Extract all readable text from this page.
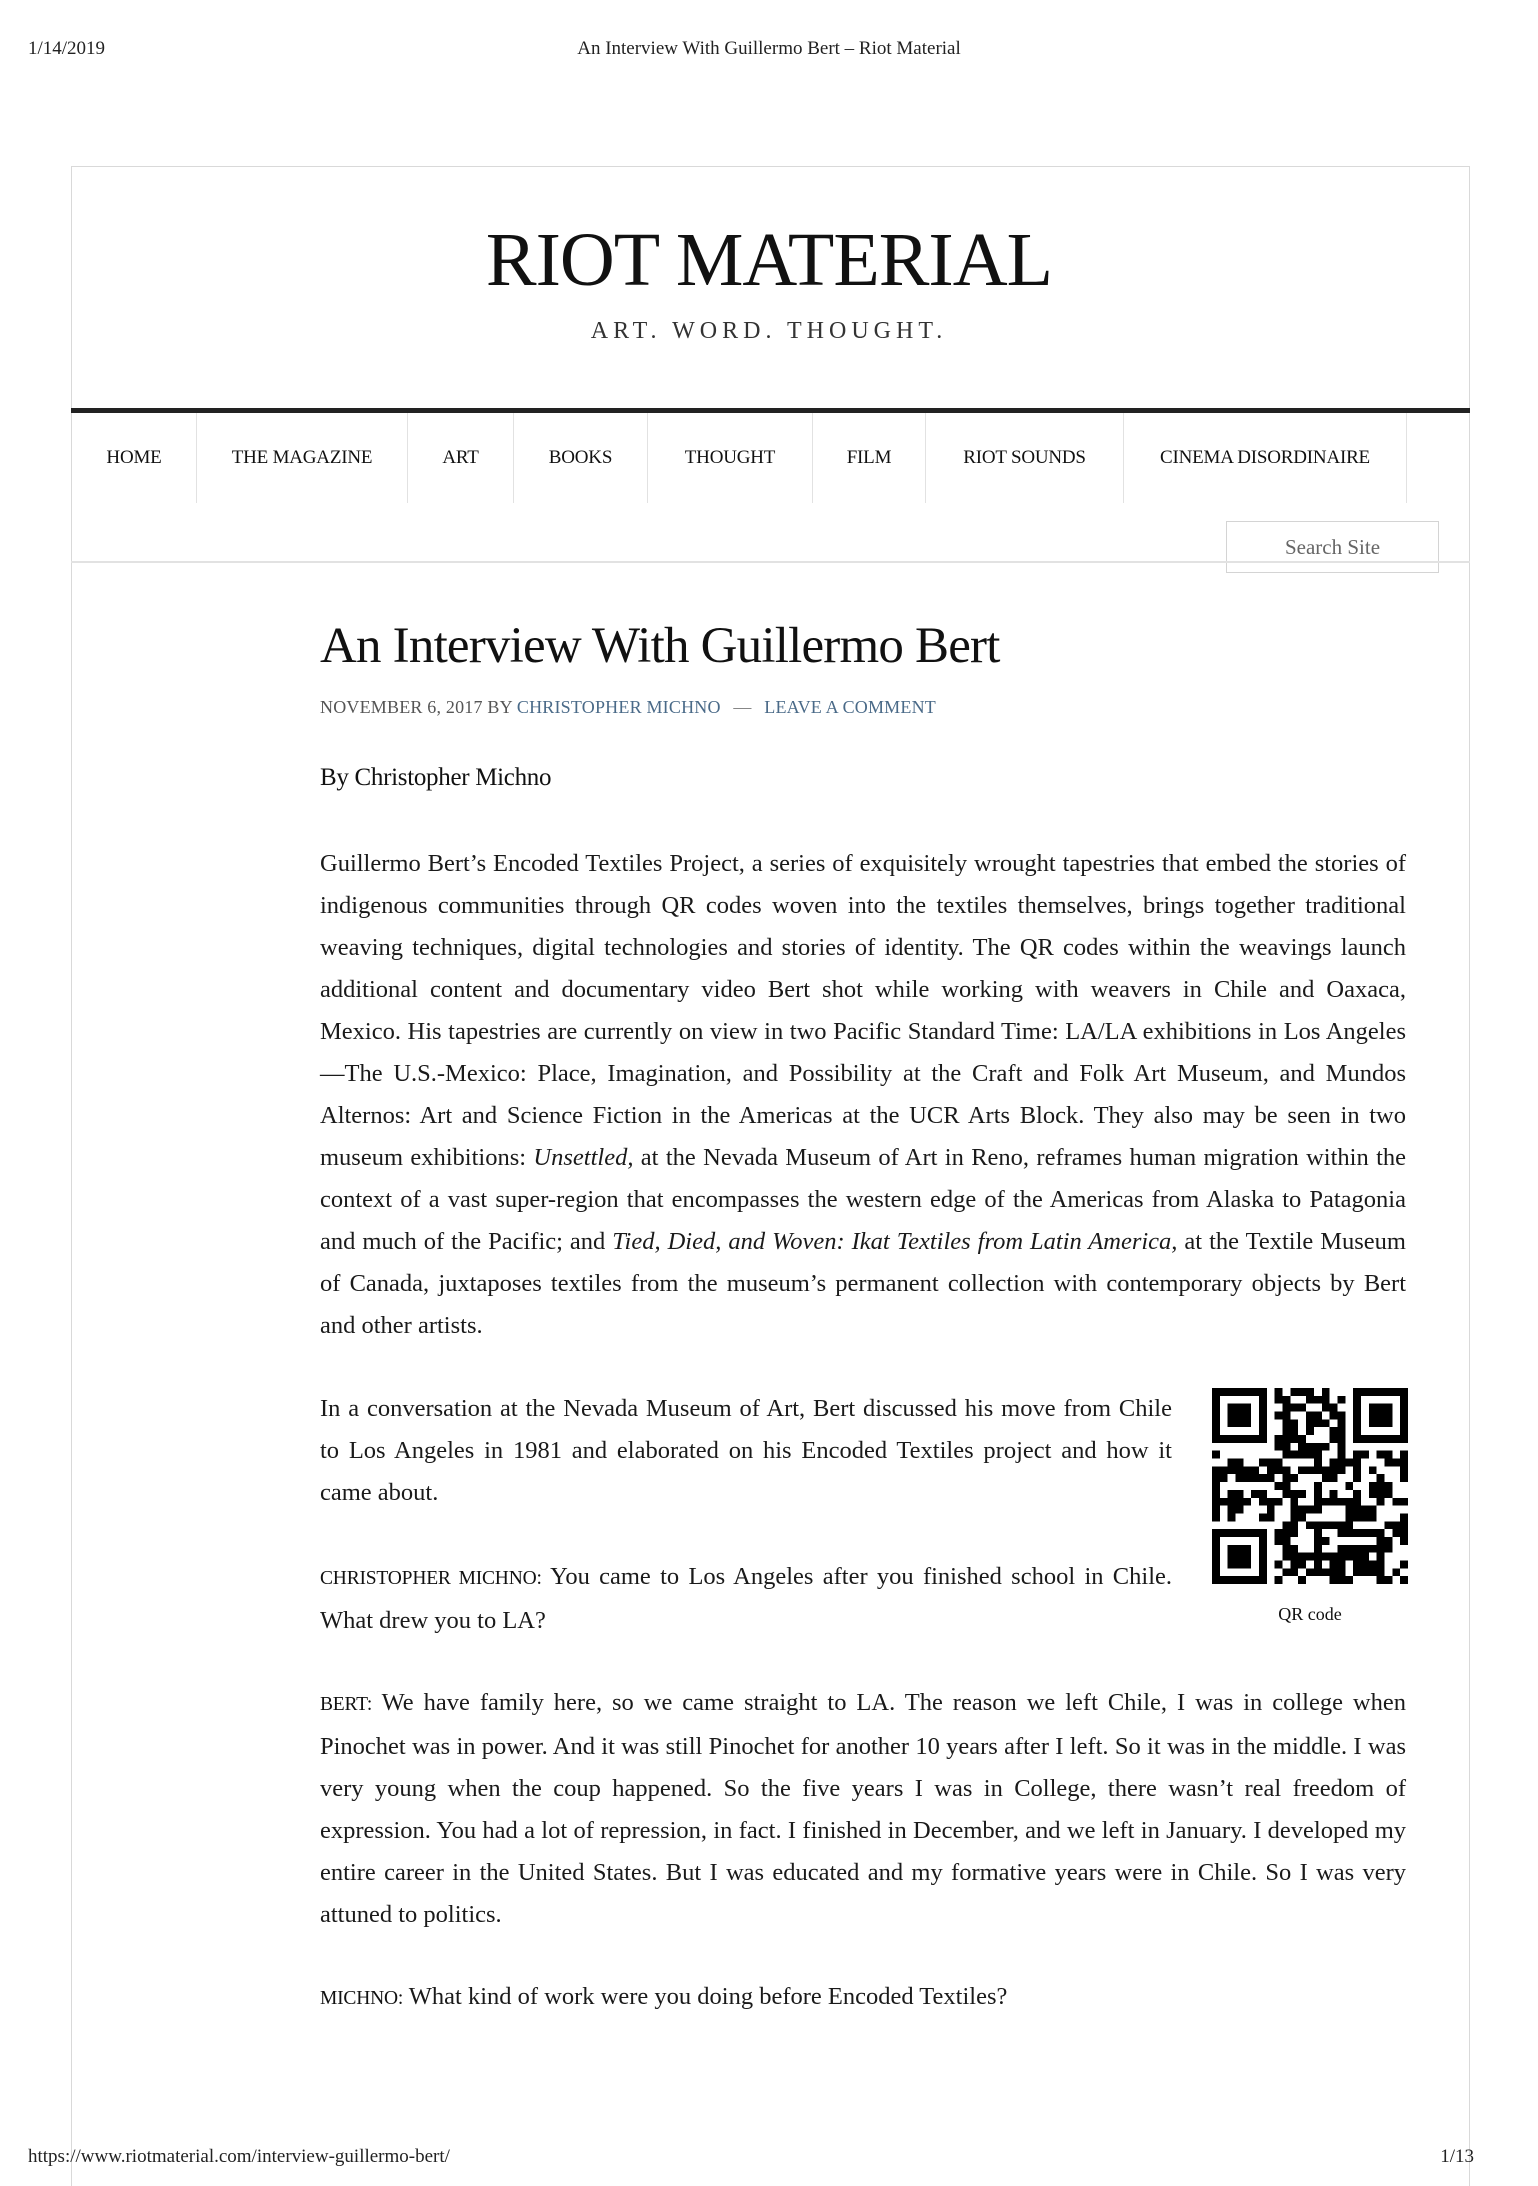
1/14/2019	An Interview With Guillermo Bert – Riot Material
RIOT MATERIAL
ART. WORD. THOUGHT.
HOME	THE MAGAZINE	ART	BOOKS	THOUGHT	FILM	RIOT SOUNDS	CINEMA DISORDINAIRE
Search Site
An Interview With Guillermo Bert
NOVEMBER 6, 2017 BY CHRISTOPHER MICHNO — LEAVE A COMMENT
By Christopher Michno

Guillermo Bert’s Encoded Textiles Project, a series of exquisitely wrought tapestries that embed the stories of indigenous communities through QR codes woven into the textiles themselves, brings together traditional weaving techniques, digital technologies and stories of identity. The QR codes within the weavings launch additional content and documentary video Bert shot while working with weavers in Chile and Oaxaca, Mexico. His tapestries are currently on view in two Pacific Standard Time: LA/LA exhibitions in Los Angeles —The U.S.-Mexico: Place, Imagination, and Possibility at the Craft and Folk Art Museum, and Mundos Alternos: Art and Science Fiction in the Americas at the UCR Arts Block. They also may be seen in two museum exhibitions: Unsettled, at the Nevada Museum of Art in Reno, reframes human migration within the context of a vast super-region that encompasses the western edge of the Americas from Alaska to Patagonia and much of the Pacific; and Tied, Died, and Woven: Ikat Textiles from Latin America, at the Textile Museum of Canada, juxtaposes textiles from the museum’s permanent collection with contemporary objects by Bert and other artists.

In a conversation at the Nevada Museum of Art, Bert discussed his move from Chile to Los Angeles in 1981 and elaborated on his Encoded Textiles project and how it came about.

CHRISTOPHER MICHNO: You came to Los Angeles after you finished school in Chile. What drew you to LA?

BERT: We have family here, so we came straight to LA. The reason we left Chile, I was in college when Pinochet was in power. And it was still Pinochet for another 10 years after I left. So it was in the middle. I was very young when the coup happened. So the five years I was in College, there wasn’t real freedom of expression. You had a lot of repression, in fact. I finished in December, and we left in January. I developed my entire career in the United States. But I was educated and my formative years were in Chile. So I was very attuned to politics.

MICHNO: What kind of work were you doing before Encoded Textiles?

QR code
https://www.riotmaterial.com/interview-guillermo-bert/	1/13
